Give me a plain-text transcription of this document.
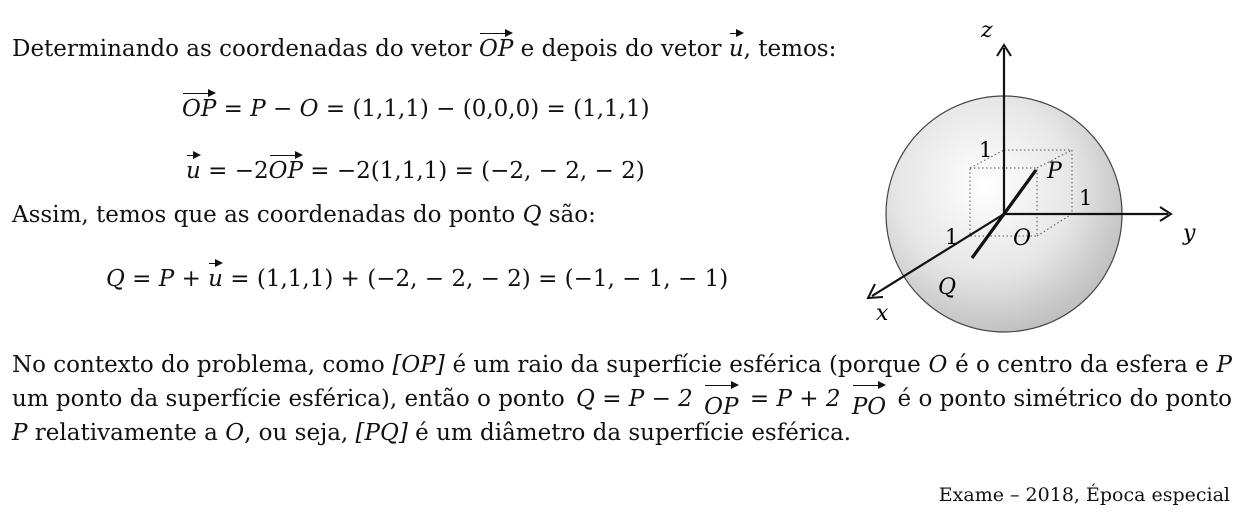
Determinando as coordenadas do vetor OP e depois do vetor u, temos:
OP = P − O = (1,1,1) − (0,0,0) = (1,1,1)
u = −2OP = −2(1,1,1) = (−2, − 2, − 2)
Assim, temos que as coordenadas do ponto Q são:
Q = P + u = (1,1,1) + (−2, − 2, − 2) = (−1, − 1, − 1)
No contexto do problema, como [OP] é um raio da superfície esférica (porque O é o centro da esfera e P
um ponto da superfície esférica), então o ponto Q = P − 2 OP = P + 2 PO é o ponto simétrico do ponto
P relativamente a O, ou seja, [PQ] é um diâmetro da superfície esférica.
Exame – 2018, Época especial
z
y
x
O
P
Q
1
1
1
